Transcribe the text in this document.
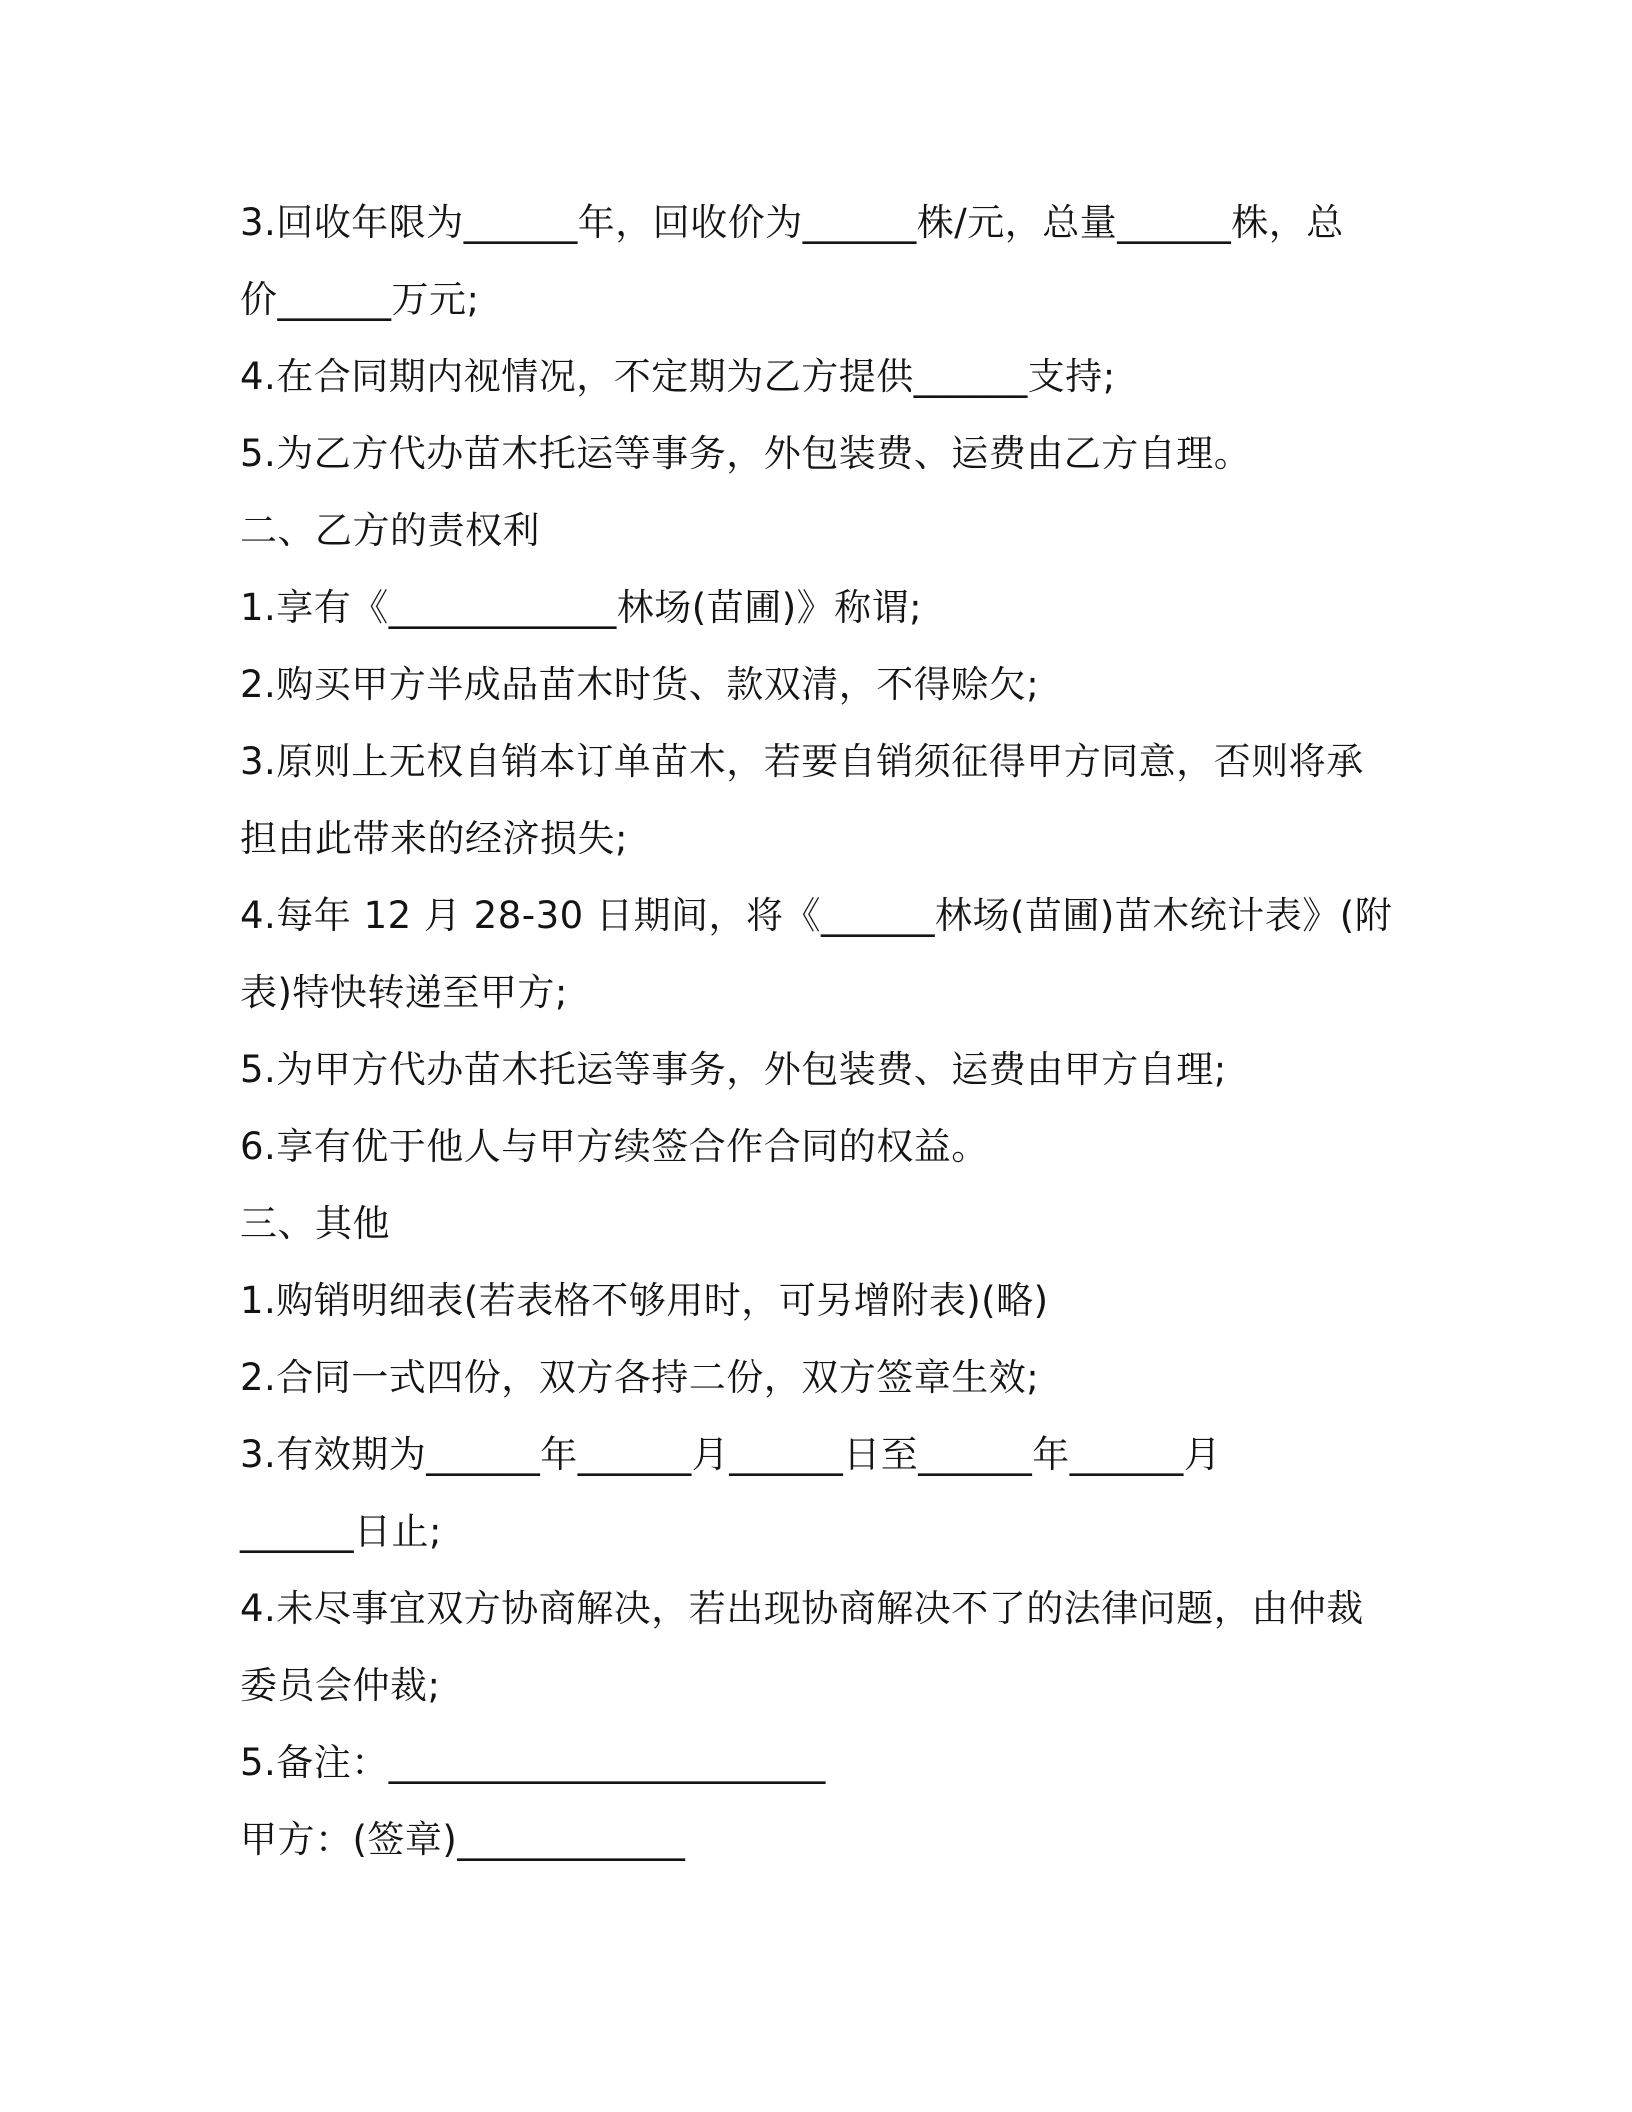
3.回收年限为______年，回收价为______株/元，总量______株，总
价______万元;
4.在合同期内视情况，不定期为乙方提供______支持;
5.为乙方代办苗木托运等事务，外包装费、运费由乙方自理。
二、乙方的责权利
1.享有《____________林场(苗圃)》称谓;
2.购买甲方半成品苗木时货、款双清，不得赊欠;
3.原则上无权自销本订单苗木，若要自销须征得甲方同意，否则将承
担由此带来的经济损失;
4.每年 12 月 28-30 日期间，将《______林场(苗圃)苗木统计表》(附
表)特快转递至甲方;
5.为甲方代办苗木托运等事务，外包装费、运费由甲方自理;
6.享有优于他人与甲方续签合作合同的权益。
三、其他
1.购销明细表(若表格不够用时，可另增附表)(略)
2.合同一式四份，双方各持二份，双方签章生效;
3.有效期为______年______月______日至______年______月
______日止;
4.未尽事宜双方协商解决，若出现协商解决不了的法律问题，由仲裁
委员会仲裁;
5.备注：_______________________
甲方：(签章)____________
